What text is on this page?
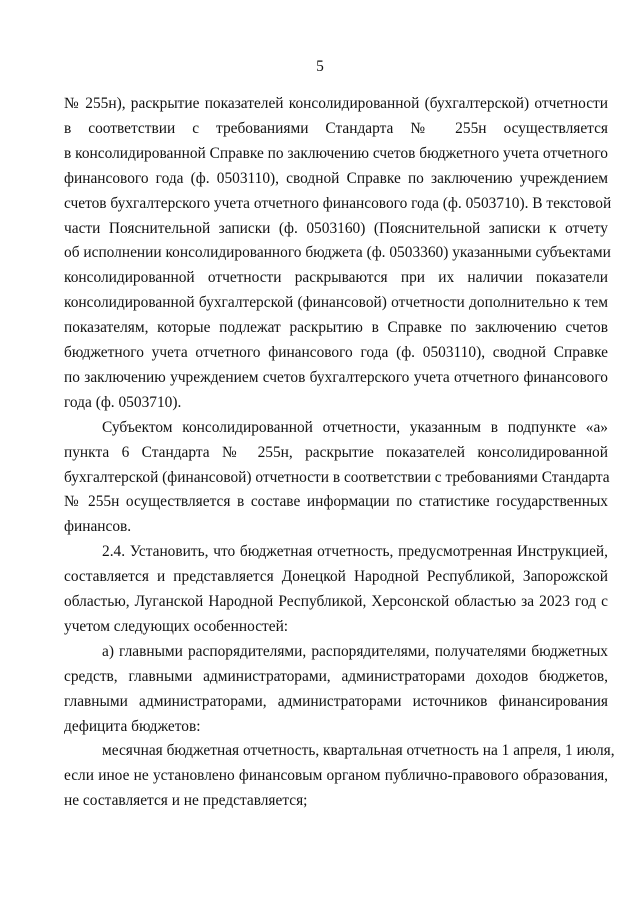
5
№ 255н), раскрытие показателей консолидированной (бухгалтерской) отчетности
в соответствии с требованиями Стандарта № 255н осуществляется
в консолидированной Справке по заключению счетов бюджетного учета отчетного
финансового года (ф. 0503110), сводной Справке по заключению учреждением
счетов бухгалтерского учета отчетного финансового года (ф. 0503710). В текстовой
части Пояснительной записки (ф. 0503160) (Пояснительной записки к отчету
об исполнении консолидированного бюджета (ф. 0503360) указанными субъектами
консолидированной отчетности раскрываются при их наличии показатели
консолидированной бухгалтерской (финансовой) отчетности дополнительно к тем
показателям, которые подлежат раскрытию в Справке по заключению счетов
бюджетного учета отчетного финансового года (ф. 0503110), сводной Справке
по заключению учреждением счетов бухгалтерского учета отчетного финансового
года (ф. 0503710).
Субъектом консолидированной отчетности, указанным в подпункте «а»
пункта 6 Стандарта № 255н, раскрытие показателей консолидированной
бухгалтерской (финансовой) отчетности в соответствии с требованиями Стандарта
№ 255н осуществляется в составе информации по статистике государственных
финансов.
2.4. Установить, что бюджетная отчетность, предусмотренная Инструкцией,
составляется и представляется Донецкой Народной Республикой, Запорожской
областью, Луганской Народной Республикой, Херсонской областью за 2023 год с
учетом следующих особенностей:
а) главными распорядителями, распорядителями, получателями бюджетных
средств, главными администраторами, администраторами доходов бюджетов,
главными администраторами, администраторами источников финансирования
дефицита бюджетов:
месячная бюджетная отчетность, квартальная отчетность на 1 апреля, 1 июля,
если иное не установлено финансовым органом публично-правового образования,
не составляется и не представляется;
